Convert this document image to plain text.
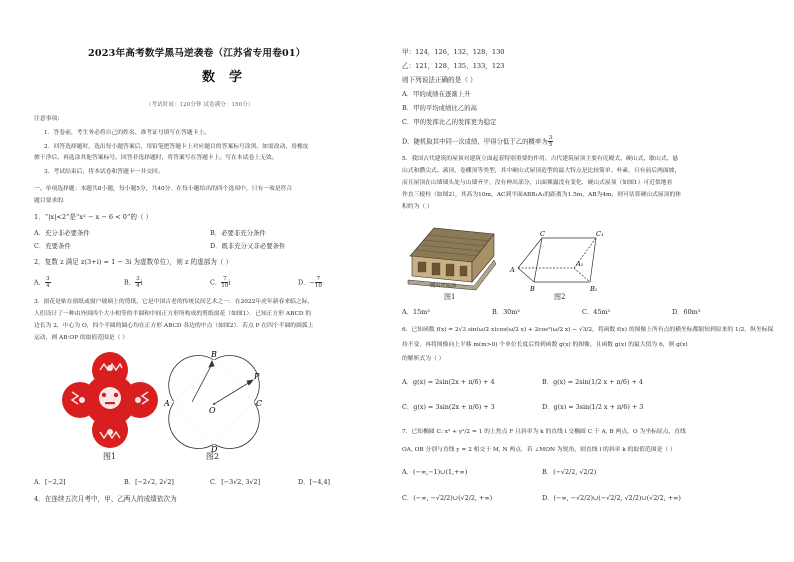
2023年高考数学黑马逆袭卷（江苏省专用卷01）
数学
（考试时间：120分钟 试卷满分：150分）
注意事项：
1．答卷前，考生务必将自己的姓名、准考证号填写在答题卡上。
2．回答选择题时，选出每小题答案后，用铅笔把答题卡上对应题目的答案标号涂黑。如需改动，用橡皮
擦干净后，再选涂其他答案标号。回答非选择题时，将答案写在答题卡上。写在本试卷上无效。
3．考试结束后，将本试卷和答题卡一并交回。
一、单项选择题：本题共8小题，每小题5分，共40分．在每小题给出的四个选项中，只有一项是符合
题目要求的．
1．“|x|<2”是“x² − x − 6 < 0”的（ ）
A．充分非必要条件	B．必要非充分条件
C．充要条件	D．既非充分又非必要条件
2．复数 z 满足 z(3+i) = 1 − 3i 为虚数单位），则 z 的虚部为（ ）
A． $\frac{3}{4}$	B． $\frac{3}{4}$ i	C． $\frac{7}{10}$ i	D．− $\frac{7}{10}$
3．窗花是贴在窗纸或窗户玻璃上的剪纸，它是中国古老的传统民间艺术之一．在2022年虎年新春来临之际，
人们设计了一种由外围四个大小相等的半圆和中间正方形所构成的剪纸窗花（如图1）．已知正方形 ABCD 的
边长为 2，中心为 O，四个半圆的圆心均在正方形 ABCD 各边的中点（如图2）．若点 P 在四个半圆的圆弧上
运动，则 AB·OP 的取值范围是（ ）
图1
B
A
O
C
D
P
图2
A．[−2,2]	B．[−2√2, 2√2]	C．[−3√2, 3√2]	D．[−4,4]
4．在连续五次月考中，甲、乙两人的成绩依次为
甲：124，126，132，128，130
乙：121，128，135，133，123
则下列说法正确的是（ ）
A．甲的成绩在逐渐上升
B．甲的平均成绩比乙的高
C．甲的发挥比乙的发挥更为稳定
D．随机取其中同一次成绩，甲得分低于乙的概率为 $\frac{3}{5}$
5．我国古代建筑的屋顶对建筑立面起着特别重要的作用，古代建筑屋顶主要有庑殿式、硬山式、歇山式、悬
山式和攒尖式、盝顶、卷棚顶等类型，其中硬山式屋顶造型的最大特点是比较简单、朴素，只有前后两面坡，
而且屋顶在山墙墙头处与山墙齐平，没有伸出部分，山面裸露没有变化．硬山式屋顶（如图1）可近似地看
作直三棱柱（如图2），其高为10m，AC到平面ABB₁A₁的距离为1.5m，AB为4m，则可估算硬山式屋顶的体
积约为（ ）
硬山式屋顶
图1
C	C₁
A
A₁
B	B₁
图2
A．15m³	B．30m³	C．45m³	D．60m³
6．已知函数 f(x) = 2√3 sin(ω/2 x)cos(ω/2 x) + 2cos²(ω/2 x) − √3/2，将函数 f(x) 的图像上所有点的横坐标都缩短到原来的 1/2，纵坐标保
持不变，再将图像向上平移 m(m>0) 个单位长度后得到函数 g(x) 的图像，且函数 g(x) 的最大值为 6，则 g(x)
的解析式为（ ）
A．g(x) = 2sin(2x + π/6) + 4	B．g(x) = 2sin(1/2 x + π/6) + 4
C．g(x) = 3sin(2x + π/6) + 3	D．g(x) = 3sin(1/2 x + π/6) + 3
7．已知椭圆 C: x² + y²/2 = 1 的上焦点 F 且斜率为 k 的直线 l 交椭圆 C 于 A, B 两点，O 为坐标原点，直线
OA, OB 分别与直线 y = 2 相交于 M, N 两点．若 ∠MON 为锐角，则直线 l 的斜率 k 的取值范围是（ ）
A．(−∞,−1)∪(1,+∞)	B．(−√2/2, √2/2)
C．(−∞, −√2/2)∪(√2/2, +∞)	D．(−∞, −√2/2)∪(−√2/2, √2/2)∪(√2/2, +∞)
